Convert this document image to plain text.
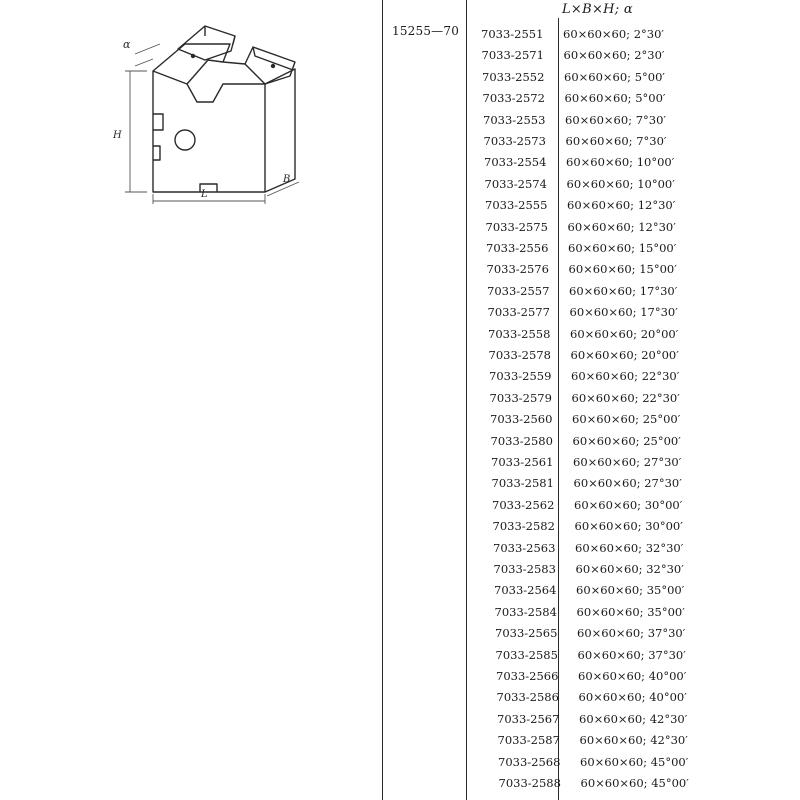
L×B×H; α
15255—70 7033-2551 60×60×60; 2°30′
7033-2571 60×60×60; 2°30′
7033-2552 60×60×60; 5°00′
7033-2572 60×60×60; 5°00′
7033-2553 60×60×60; 7°30′
7033-2573 60×60×60; 7°30′
7033-2554 60×60×60; 10°00′
7033-2574 60×60×60; 10°00′
7033-2555 60×60×60; 12°30′
7033-2575 60×60×60; 12°30′
7033-2556 60×60×60; 15°00′
7033-2576 60×60×60; 15°00′
7033-2557 60×60×60; 17°30′
7033-2577 60×60×60; 17°30′
7033-2558 60×60×60; 20°00′
7033-2578 60×60×60; 20°00′
7033-2559 60×60×60; 22°30′
7033-2579 60×60×60; 22°30′
7033-2560 60×60×60; 25°00′
7033-2580 60×60×60; 25°00′
7033-2561 60×60×60; 27°30′
7033-2581 60×60×60; 27°30′
7033-2562 60×60×60; 30°00′
7033-2582 60×60×60; 30°00′
7033-2563 60×60×60; 32°30′
7033-2583 60×60×60; 32°30′
7033-2564 60×60×60; 35°00′
7033-2584 60×60×60; 35°00′
7033-2565 60×60×60; 37°30′
7033-2585 60×60×60; 37°30′
7033-2566 60×60×60; 40°00′
7033-2586 60×60×60; 40°00′
7033-2567 60×60×60; 42°30′
7033-2587 60×60×60; 42°30′
7033-2568 60×60×60; 45°00′
7033-2588 60×60×60; 45°00′
α
H
L
B
